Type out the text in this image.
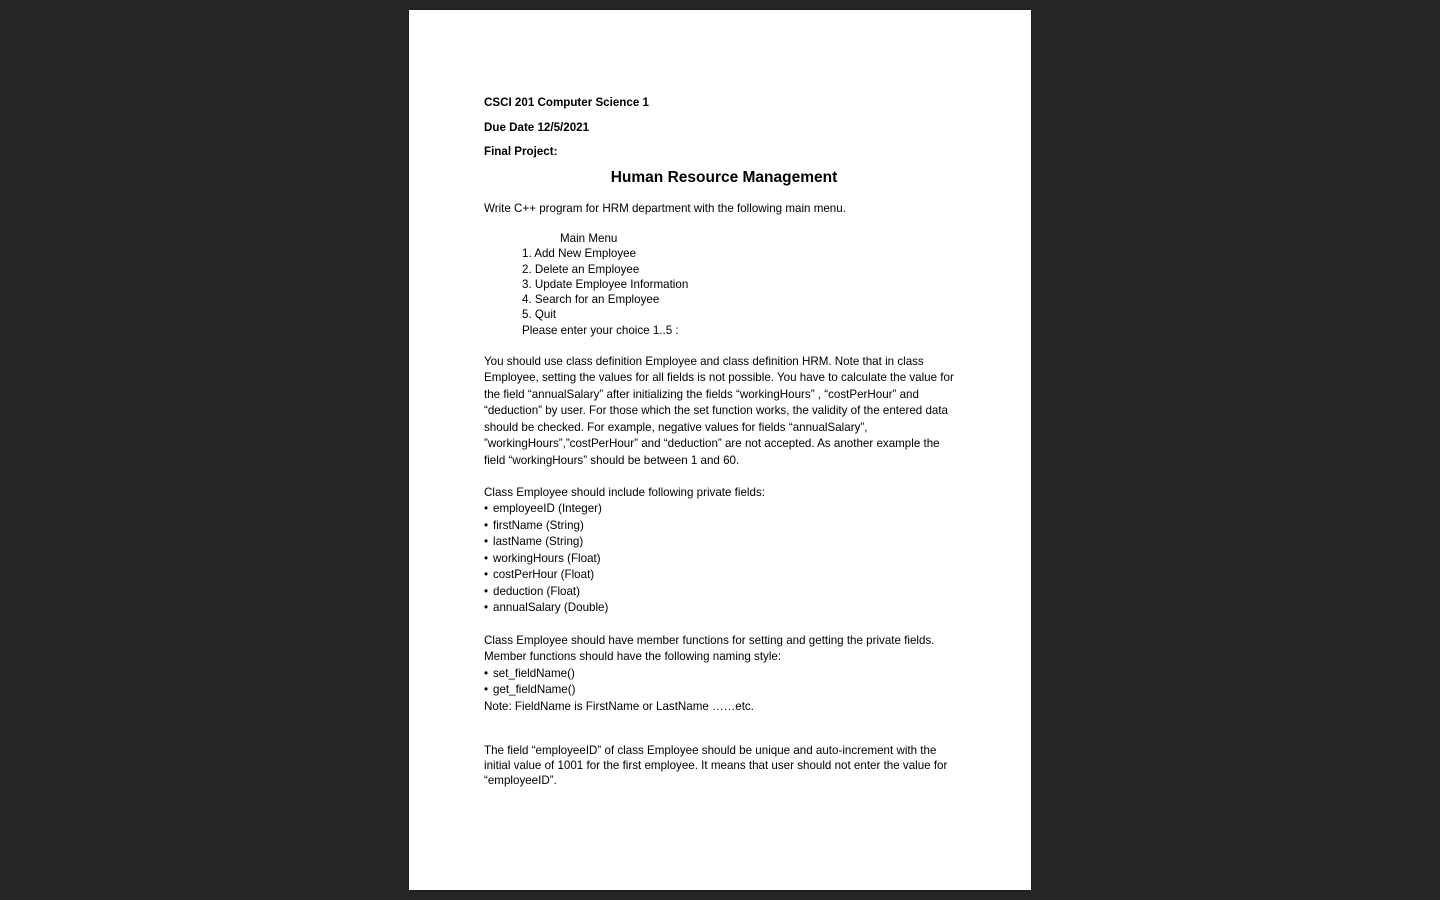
CSCI 201 Computer Science 1

Due Date 12/5/2021

Final Project:

Human Resource Management

Write C++ program for HRM department with the following main menu.

Main Menu
1. Add New Employee
2. Delete an Employee
3. Update Employee Information
4. Search for an Employee
5. Quit
Please enter your choice 1..5 :

You should use class definition Employee and class definition HRM. Note that in class Employee, setting the values for all fields is not possible. You have to calculate the value for the field “annualSalary” after initializing the fields “workingHours” , “costPerHour” and “deduction” by user. For those which the set function works, the validity of the entered data should be checked. For example, negative values for fields “annualSalary”, ”workingHours”,”costPerHour” and “deduction” are not accepted. As another example the field “workingHours” should be between 1 and 60.

Class Employee should include following private fields:

• employeeID (Integer)
• firstName (String)
• lastName (String)
• workingHours (Float)
• costPerHour (Float)
• deduction (Float)
• annualSalary (Double)

Class Employee should have member functions for setting and getting the private fields. Member functions should have the following naming style:

• set_fieldName()
• get_fieldName()

Note: FieldName is FirstName or LastName ……etc.

The field “employeeID” of class Employee should be unique and auto-increment with the initial value of 1001 for the first employee. It means that user should not enter the value for “employeeID”.
